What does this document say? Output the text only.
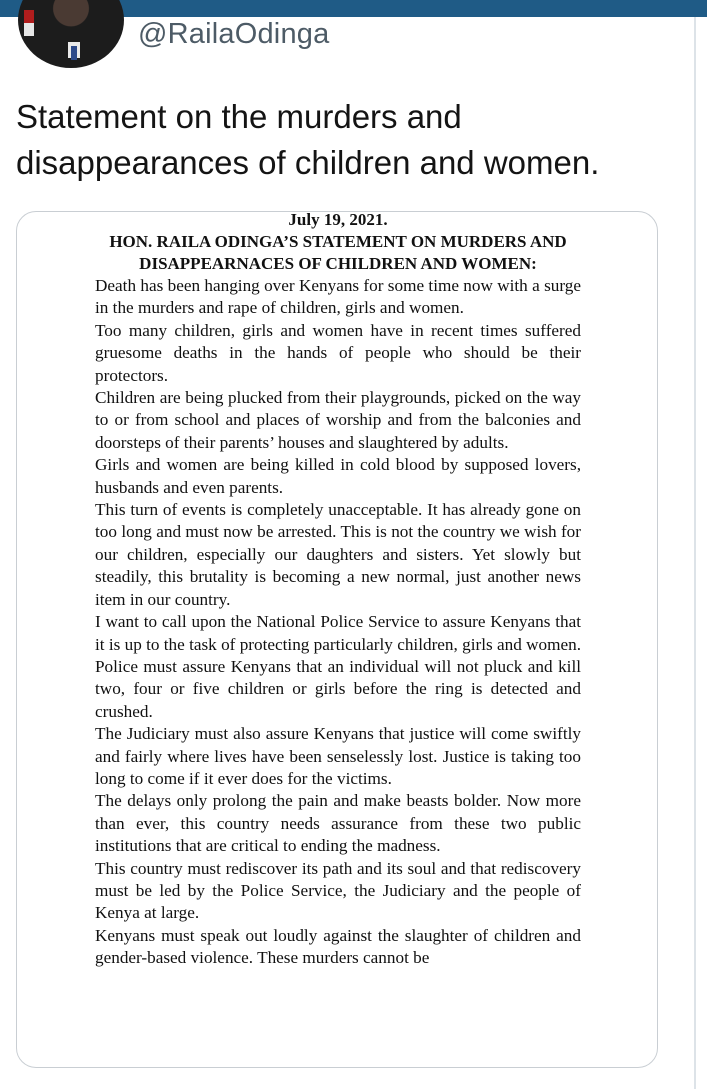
@RailaOdinga
Statement on the murders and disappearances of children and women.
July 19, 2021.
HON. RAILA ODINGA’S STATEMENT ON MURDERS AND DISAPPEARNACES OF CHILDREN AND WOMEN:

Death has been hanging over Kenyans for some time now with a surge in the murders and rape of children, girls and women.

Too many children, girls and women have in recent times suffered gruesome deaths in the hands of people who should be their protectors.

Children are being plucked from their playgrounds, picked on the way to or from school and places of worship and from the balconies and doorsteps of their parents’ houses and slaughtered by adults.

Girls and women are being killed in cold blood by supposed lovers, husbands and even parents.

This turn of events is completely unacceptable. It has already gone on too long and must now be arrested. This is not the country we wish for our children, especially our daughters and sisters. Yet slowly but steadily, this brutality is becoming a new normal, just another news item in our country.

I want to call upon the National Police Service to assure Kenyans that it is up to the task of protecting particularly children, girls and women. Police must assure Kenyans that an individual will not pluck and kill two, four or five children or girls before the ring is detected and crushed.

The Judiciary must also assure Kenyans that justice will come swiftly and fairly where lives have been senselessly lost. Justice is taking too long to come if it ever does for the victims.

The delays only prolong the pain and make beasts bolder. Now more than ever, this country needs assurance from these two public institutions that are critical to ending the madness.

This country must rediscover its path and its soul and that rediscovery must be led by the Police Service, the Judiciary and the people of Kenya at large.

Kenyans must speak out loudly against the slaughter of children and gender-based violence. These murders cannot be
